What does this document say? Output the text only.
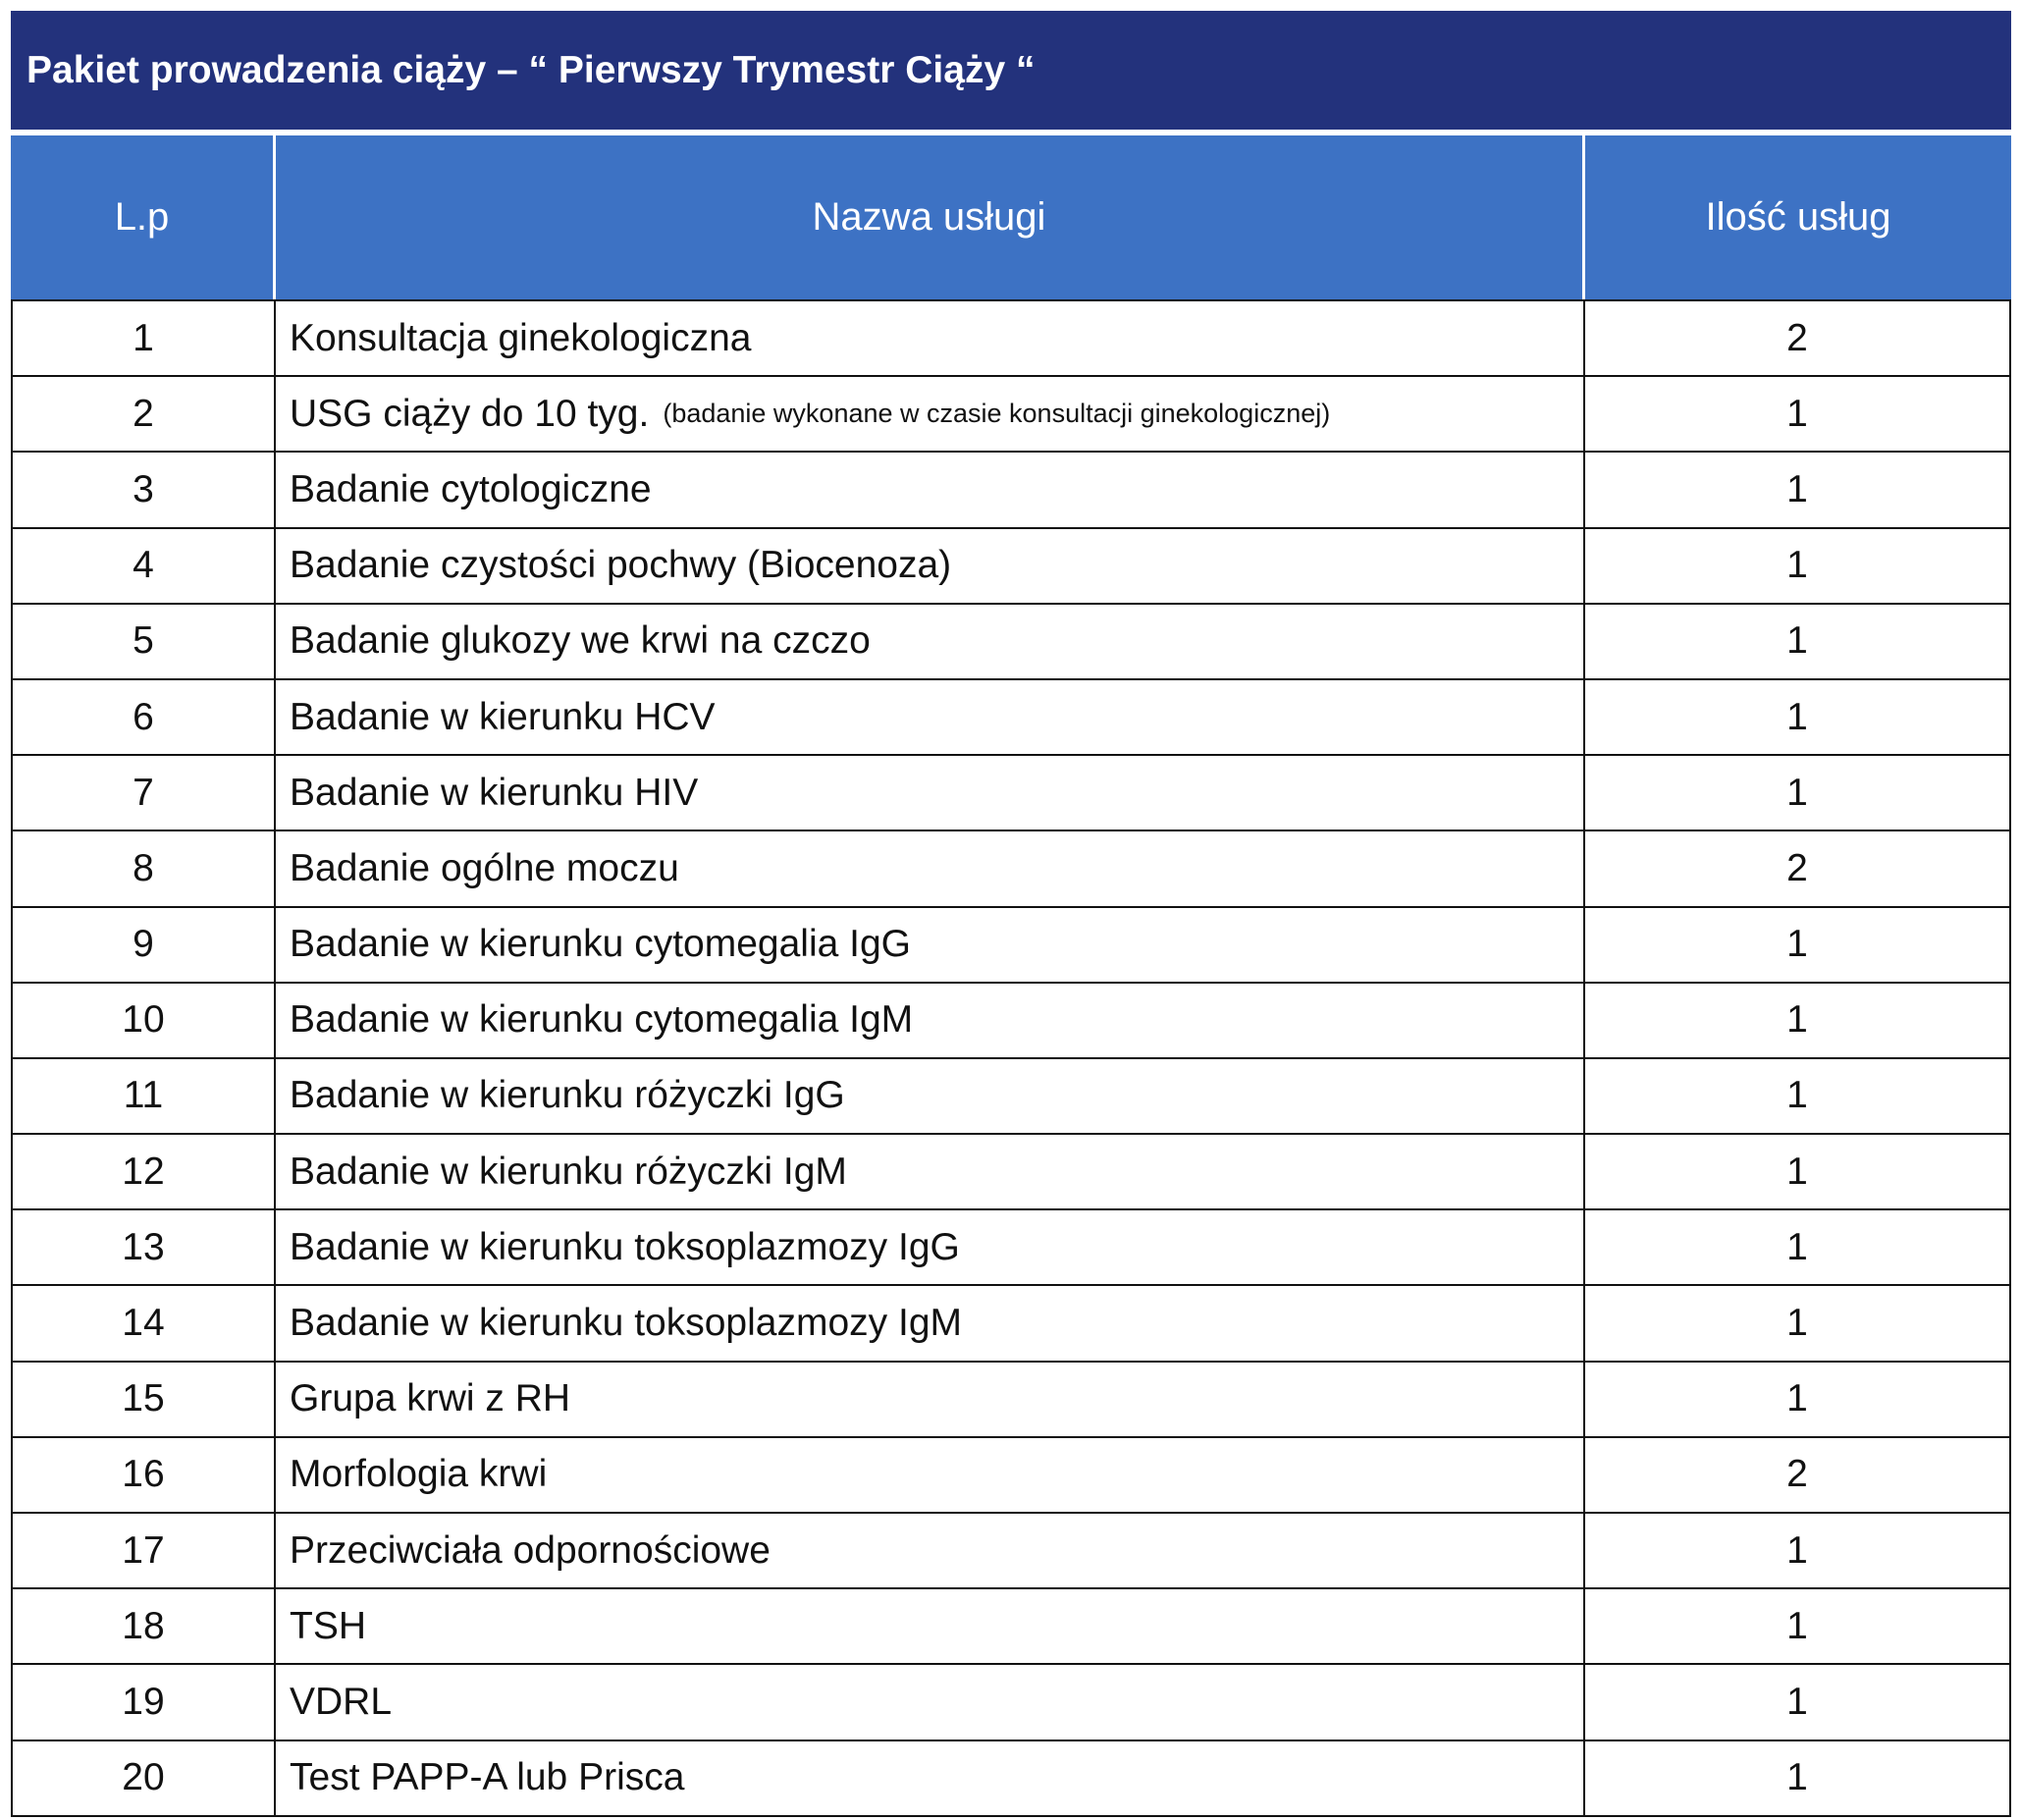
Pakiet prowadzenia ciąży – “ Pierwszy Trymestr Ciąży “
L.p	Nazwa usługi	Ilość usług
1	Konsultacja ginekologiczna	2
2	USG ciąży do 10 tyg. (badanie wykonane w czasie konsultacji ginekologicznej)	1
3	Badanie cytologiczne	1
4	Badanie czystości pochwy (Biocenoza)	1
5	Badanie glukozy we krwi na czczo	1
6	Badanie w kierunku HCV	1
7	Badanie w kierunku HIV	1
8	Badanie ogólne moczu	2
9	Badanie w kierunku cytomegalia IgG	1
10	Badanie w kierunku cytomegalia IgM	1
11	Badanie w kierunku różyczki IgG	1
12	Badanie w kierunku różyczki IgM	1
13	Badanie w kierunku toksoplazmozy IgG	1
14	Badanie w kierunku toksoplazmozy IgM	1
15	Grupa krwi z RH	1
16	Morfologia krwi	2
17	Przeciwciała odpornościowe	1
18	TSH	1
19	VDRL	1
20	Test PAPP-A lub Prisca	1
